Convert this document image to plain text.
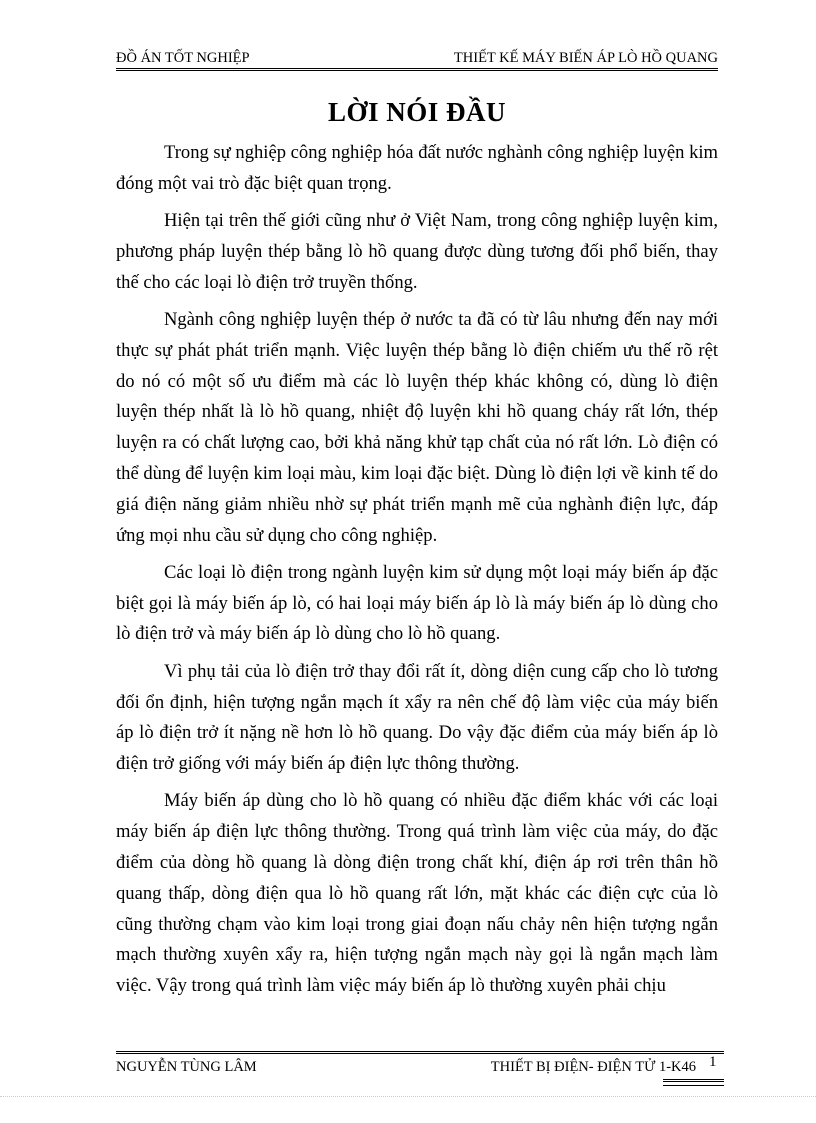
ĐỒ ÁN TỐT NGHIỆP	THIẾT KẾ MÁY BIẾN ÁP LÒ HỒ QUANG
LỜI NÓI ĐẦU

Trong sự nghiệp công nghiệp hóa đất nước nghành công nghiệp luyện kim đóng một vai trò đặc biệt quan trọng.

Hiện tại trên thế giới cũng như ở Việt Nam, trong công nghiệp luyện kim, phương pháp luyện thép bằng lò hồ quang được dùng tương đối phổ biến, thay thế cho các loại lò điện trở truyền thống.

Ngành công nghiệp luyện thép ở nước ta đã có từ lâu nhưng đến nay mới thực sự phát phát triển mạnh. Việc luyện thép bằng lò điện chiếm ưu thế rõ rệt do nó có một số ưu điểm mà các lò luyện thép khác không có, dùng lò điện luyện thép nhất là lò hồ quang, nhiệt độ luyện khi hồ quang cháy rất lớn, thép luyện ra có chất lượng cao, bởi khả năng khử tạp chất của nó rất lớn. Lò điện có thể dùng để luyện kim loại màu, kim loại đặc biệt. Dùng lò điện lợi về kinh tế do giá điện năng giảm nhiều nhờ sự phát triển mạnh mẽ của nghành điện lực, đáp ứng mọi nhu cầu sử dụng cho công nghiệp.

Các loại lò điện trong ngành luyện kim sử dụng một loại máy biến áp đặc biệt gọi là máy biến áp lò, có hai loại máy biến áp lò là máy biến áp lò dùng cho lò điện trở và máy biến áp lò dùng cho lò hồ quang.

Vì phụ tải của lò điện trở thay đổi rất ít, dòng diện cung cấp cho lò tương đối ổn định, hiện tượng ngắn mạch ít xẩy ra nên chế độ làm việc của máy biến áp lò điện trở ít nặng nề hơn lò hồ quang. Do vậy đặc điểm của máy biến áp lò điện trở giống với máy biến áp điện lực thông thường.

Máy biến áp dùng cho lò hồ quang có nhiều đặc điểm khác với các loại máy biến áp điện lực thông thường. Trong quá trình làm việc của máy, do đặc điểm của dòng hồ quang là dòng điện trong chất khí, điện áp rơi trên thân hồ quang thấp, dòng điện qua lò hồ quang rất lớn, mặt khác các điện cực của lò cũng thường chạm vào kim loại trong giai đoạn nấu chảy nên hiện tượng ngắn mạch thường xuyên xẩy ra, hiện tượng ngắn mạch này gọi là ngắn mạch làm việc. Vậy trong quá trình làm việc máy biến áp lò thường xuyên phải chịu

NGUYỄN TÙNG LÂM	THIẾT BỊ ĐIỆN- ĐIỆN TỬ 1-K46 1
